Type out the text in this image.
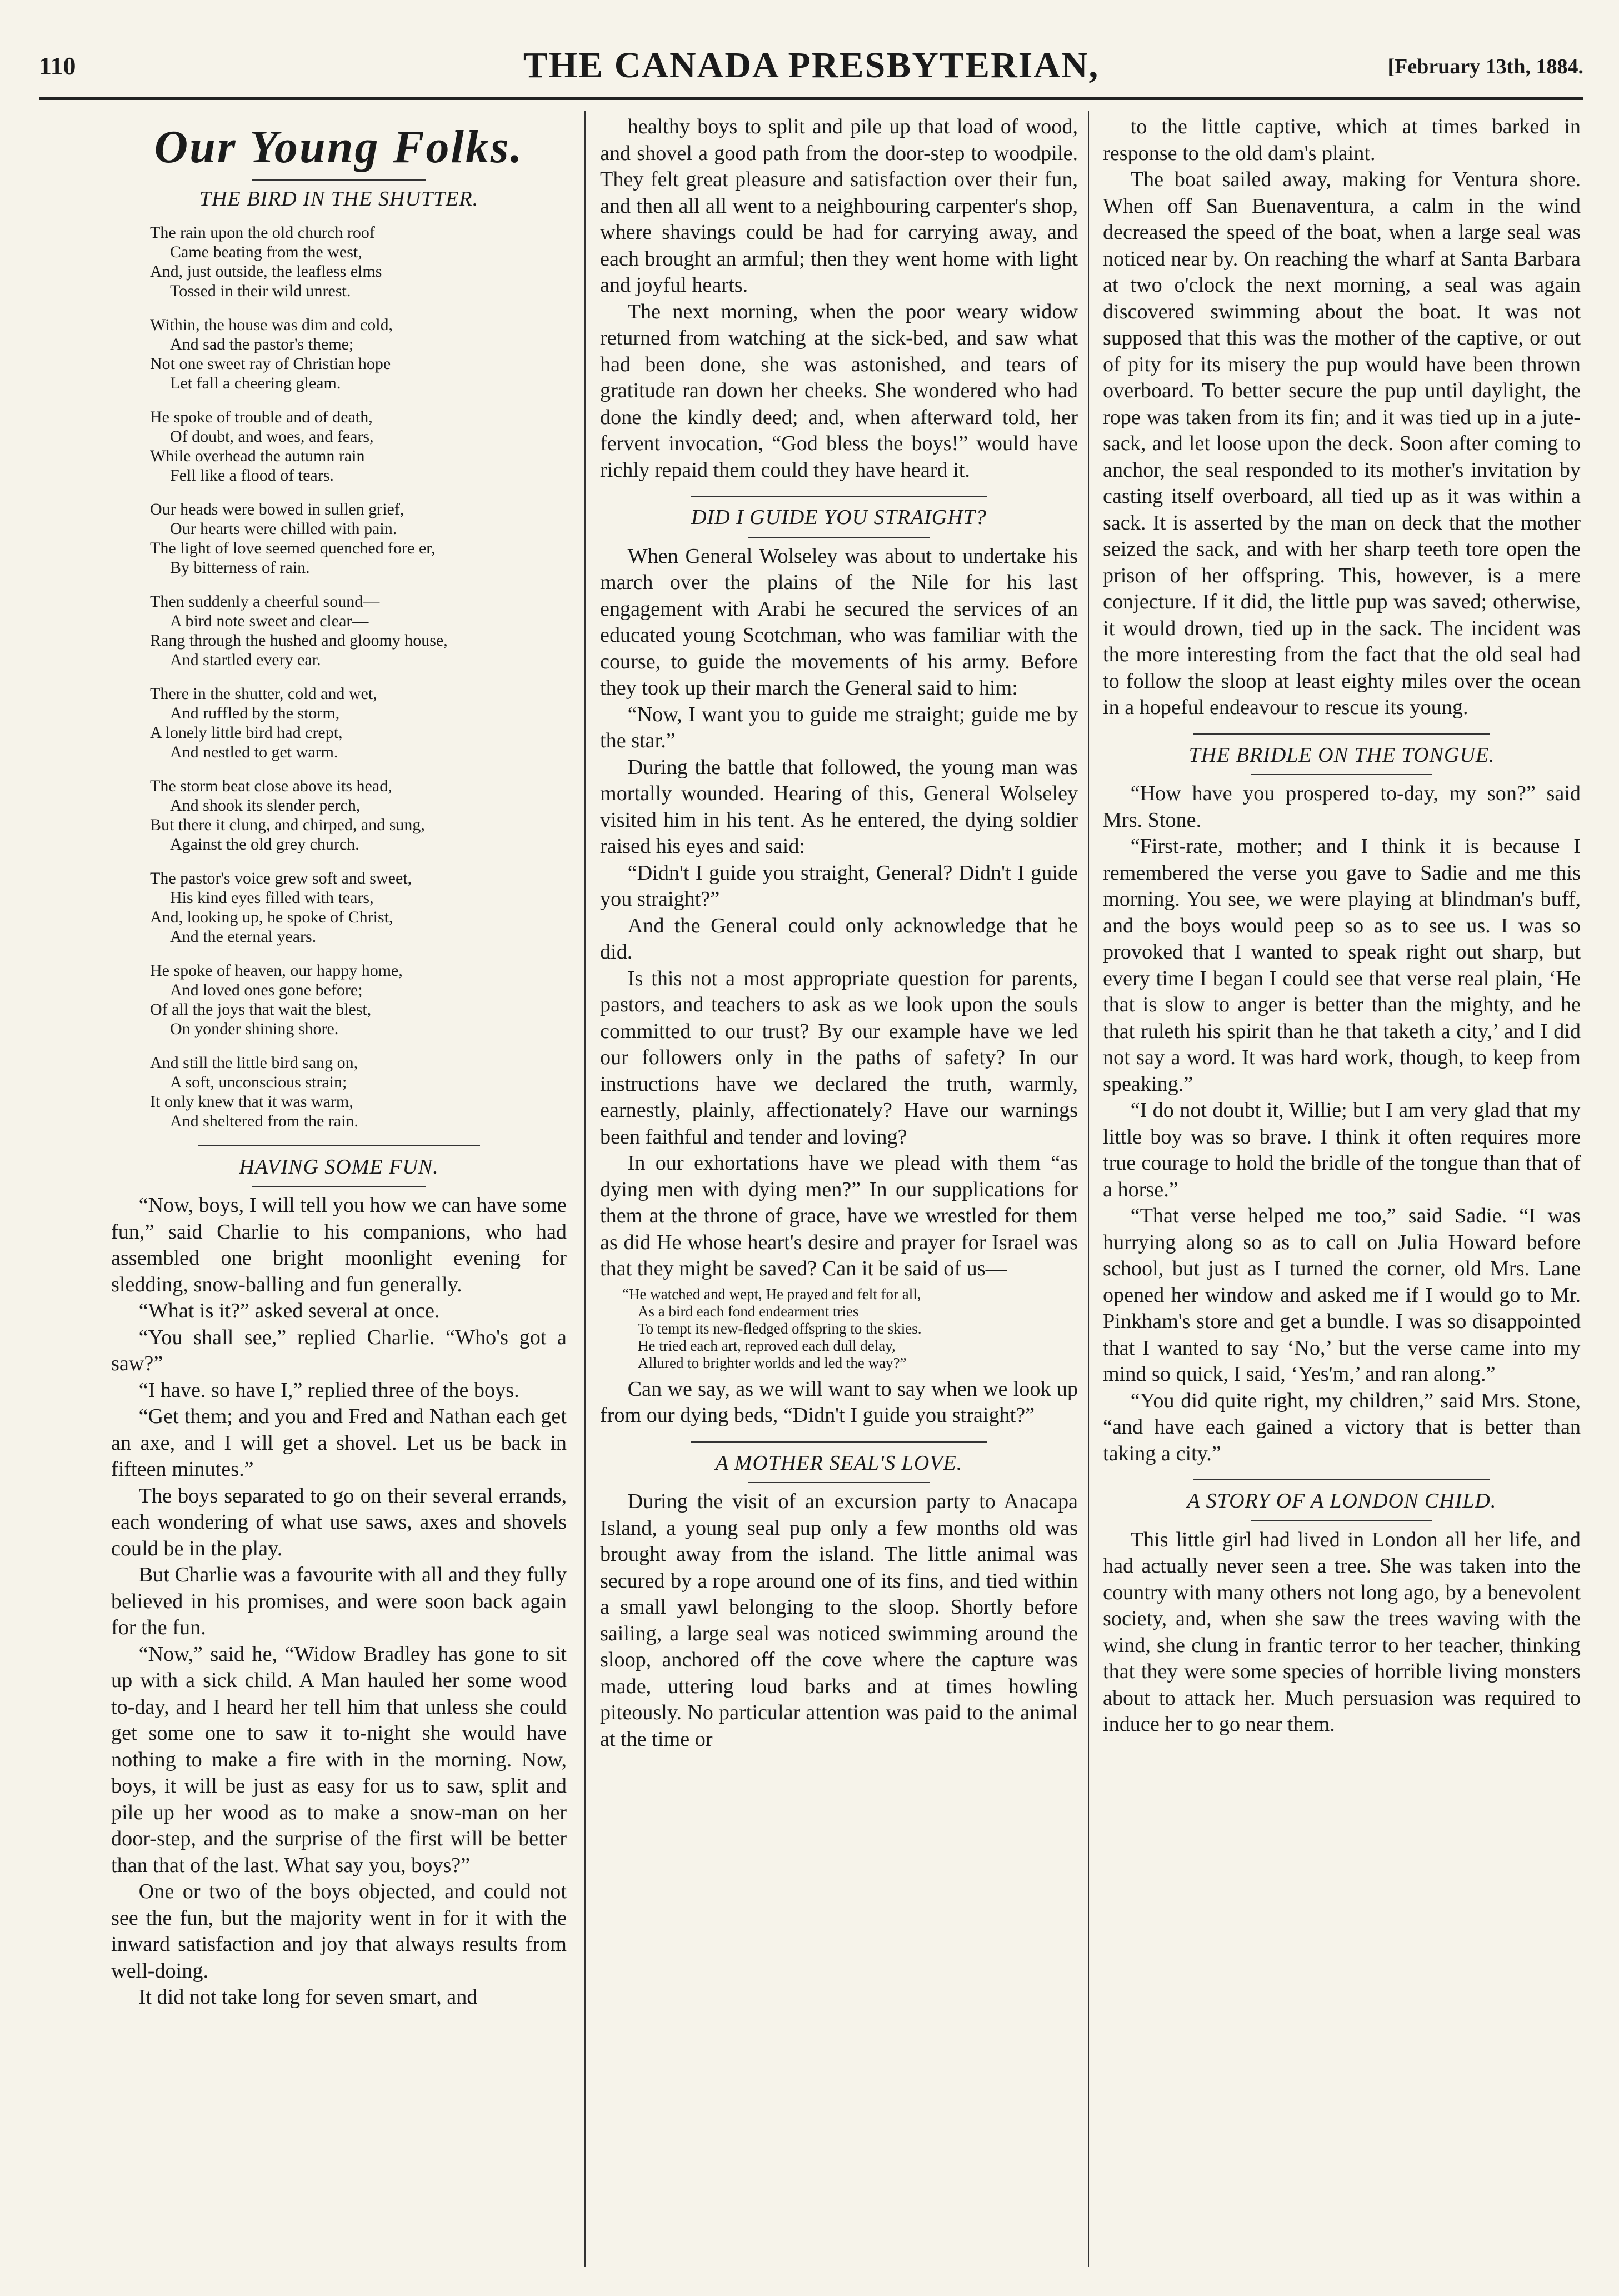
110	THE CANADA PRESBYTERIAN,	[February 13th, 1884.
Our Young Folks.
THE BIRD IN THE SHUTTER.
The rain upon the old church roof
Came beating from the west,
And, just outside, the leafless elms
Tossed in their wild unrest.
Within, the house was dim and cold,
And sad the pastor's theme;
Not one sweet ray of Christian hope
Let fall a cheering gleam.
He spoke of trouble and of death,
Of doubt, and woes, and fears,
While overhead the autumn rain
Fell like a flood of tears.
Our heads were bowed in sullen grief,
Our hearts were chilled with pain.
The light of love seemed quenched fore er,
By bitterness of rain.
Then suddenly a cheerful sound—
A bird note sweet and clear—
Rang through the hushed and gloomy house,
And startled every ear.
There in the shutter, cold and wet,
And ruffled by the storm,
A lonely little bird had crept,
And nestled to get warm.
The storm beat close above its head,
And shook its slender perch,
But there it clung, and chirped, and sung,
Against the old grey church.
The pastor's voice grew soft and sweet,
His kind eyes filled with tears,
And, looking up, he spoke of Christ,
And the eternal years.
He spoke of heaven, our happy home,
And loved ones gone before;
Of all the joys that wait the blest,
On yonder shining shore.
And still the little bird sang on,
A soft, unconscious strain;
It only knew that it was warm,
And sheltered from the rain.
HAVING SOME FUN.

“Now, boys, I will tell you how we can have some fun,” said Charlie to his companions, who had assembled one bright moonlight evening for sledding, snow-balling and fun generally.

“What is it?” asked several at once.

“You shall see,” replied Charlie. “Who's got a saw?”

“I have. so have I,” replied three of the boys.

“Get them; and you and Fred and Nathan each get an axe, and I will get a shovel. Let us be back in fifteen minutes.”

The boys separated to go on their several errands, each wondering of what use saws, axes and shovels could be in the play.

But Charlie was a favourite with all and they fully believed in his promises, and were soon back again for the fun.

“Now,” said he, “Widow Bradley has gone to sit up with a sick child. A Man hauled her some wood to-day, and I heard her tell him that unless she could get some one to saw it to-night she would have nothing to make a fire with in the morning. Now, boys, it will be just as easy for us to saw, split and pile up her wood as to make a snow-man on her door-step, and the surprise of the first will be better than that of the last. What say you, boys?”

One or two of the boys objected, and could not see the fun, but the majority went in for it with the inward satisfaction and joy that always results from well-doing.

It did not take long for seven smart, and

healthy boys to split and pile up that load of wood, and shovel a good path from the door-step to woodpile. They felt great pleasure and satisfaction over their fun, and then all all went to a neighbouring carpenter's shop, where shavings could be had for carrying away, and each brought an armful; then they went home with light and joyful hearts.

The next morning, when the poor weary widow returned from watching at the sick-bed, and saw what had been done, she was astonished, and tears of gratitude ran down her cheeks. She wondered who had done the kindly deed; and, when afterward told, her fervent invocation, “God bless the boys!” would have richly repaid them could they have heard it.

DID I GUIDE YOU STRAIGHT?

When General Wolseley was about to undertake his march over the plains of the Nile for his last engagement with Arabi he secured the services of an educated young Scotchman, who was familiar with the course, to guide the movements of his army. Before they took up their march the General said to him:

“Now, I want you to guide me straight; guide me by the star.”

During the battle that followed, the young man was mortally wounded. Hearing of this, General Wolseley visited him in his tent. As he entered, the dying soldier raised his eyes and said:

“Didn't I guide you straight, General? Didn't I guide you straight?”

And the General could only acknowledge that he did.

Is this not a most appropriate question for parents, pastors, and teachers to ask as we look upon the souls committed to our trust? By our example have we led our followers only in the paths of safety? In our instructions have we declared the truth, warmly, earnestly, plainly, affectionately? Have our warnings been faithful and tender and loving?

In our exhortations have we plead with them “as dying men with dying men?” In our supplications for them at the throne of grace, have we wrestled for them as did He whose heart's desire and prayer for Israel was that they might be saved? Can it be said of us—

“He watched and wept, He prayed and felt for all,
As a bird each fond endearment tries
To tempt its new-fledged offspring to the skies.
He tried each art, reproved each dull delay,
Allured to brighter worlds and led the way?”

Can we say, as we will want to say when we look up from our dying beds, “Didn't I guide you straight?”

A MOTHER SEAL'S LOVE.

During the visit of an excursion party to Anacapa Island, a young seal pup only a few months old was brought away from the island. The little animal was secured by a rope around one of its fins, and tied within a small yawl belonging to the sloop. Shortly before sailing, a large seal was noticed swimming around the sloop, anchored off the cove where the capture was made, uttering loud barks and at times howling piteously. No particular attention was paid to the animal at the time or

to the little captive, which at times barked in response to the old dam's plaint.

The boat sailed away, making for Ventura shore. When off San Buenaventura, a calm in the wind decreased the speed of the boat, when a large seal was noticed near by. On reaching the wharf at Santa Barbara at two o'clock the next morning, a seal was again discovered swimming about the boat. It was not supposed that this was the mother of the captive, or out of pity for its misery the pup would have been thrown overboard. To better secure the pup until daylight, the rope was taken from its fin; and it was tied up in a jute-sack, and let loose upon the deck. Soon after coming to anchor, the seal responded to its mother's invitation by casting itself overboard, all tied up as it was within a sack. It is asserted by the man on deck that the mother seized the sack, and with her sharp teeth tore open the prison of her offspring. This, however, is a mere conjecture. If it did, the little pup was saved; otherwise, it would drown, tied up in the sack. The incident was the more interesting from the fact that the old seal had to follow the sloop at least eighty miles over the ocean in a hopeful endeavour to rescue its young.

THE BRIDLE ON THE TONGUE.

“How have you prospered to-day, my son?” said Mrs. Stone.

“First-rate, mother; and I think it is because I remembered the verse you gave to Sadie and me this morning. You see, we were playing at blindman's buff, and the boys would peep so as to see us. I was so provoked that I wanted to speak right out sharp, but every time I began I could see that verse real plain, ‘He that is slow to anger is better than the mighty, and he that ruleth his spirit than he that taketh a city,’ and I did not say a word. It was hard work, though, to keep from speaking.”

“I do not doubt it, Willie; but I am very glad that my little boy was so brave. I think it often requires more true courage to hold the bridle of the tongue than that of a horse.”

“That verse helped me too,” said Sadie. “I was hurrying along so as to call on Julia Howard before school, but just as I turned the corner, old Mrs. Lane opened her window and asked me if I would go to Mr. Pinkham's store and get a bundle. I was so disappointed that I wanted to say ‘No,’ but the verse came into my mind so quick, I said, ‘Yes'm,’ and ran along.”

“You did quite right, my children,” said Mrs. Stone, “and have each gained a victory that is better than taking a city.”

A STORY OF A LONDON CHILD.

This little girl had lived in London all her life, and had actually never seen a tree. She was taken into the country with many others not long ago, by a benevolent society, and, when she saw the trees waving with the wind, she clung in frantic terror to her teacher, thinking that they were some species of horrible living monsters about to attack her. Much persuasion was required to induce her to go near them.
